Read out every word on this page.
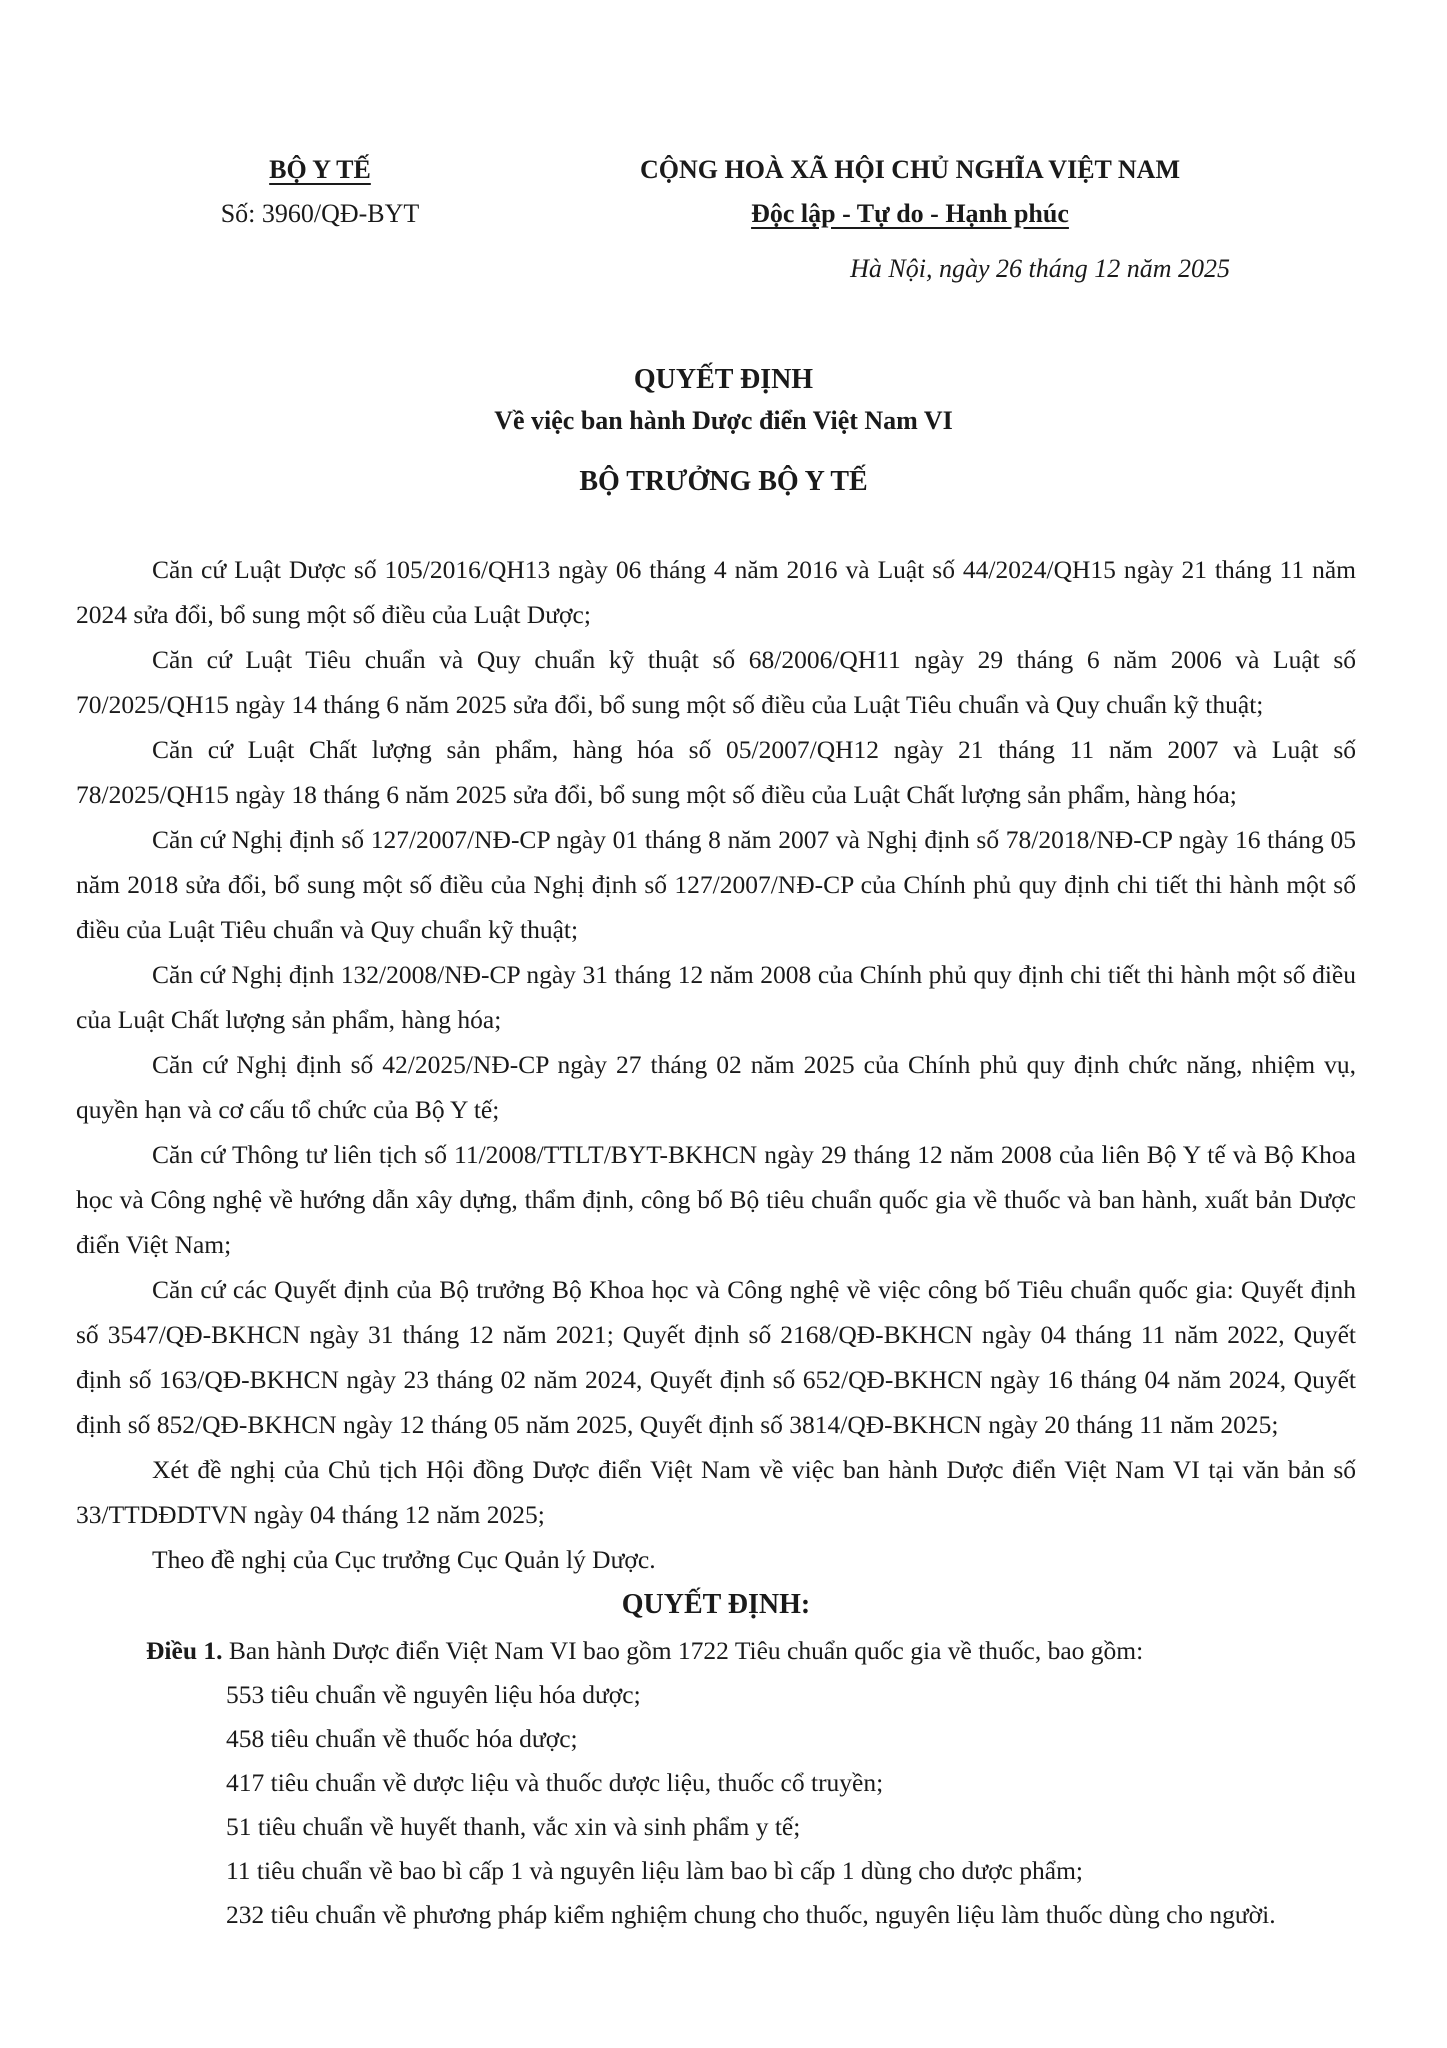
BỘ Y TẾ
Số: 3960/QĐ-BYT
CỘNG HOÀ XÃ HỘI CHỦ NGHĨA VIỆT NAM
Độc lập - Tự do - Hạnh phúc
Hà Nội, ngày 26 tháng 12 năm 2025
QUYẾT ĐỊNH
Về việc ban hành Dược điển Việt Nam VI
BỘ TRƯỞNG BỘ Y TẾ

Căn cứ Luật Dược số 105/2016/QH13 ngày 06 tháng 4 năm 2016 và Luật số 44/2024/QH15 ngày 21 tháng 11 năm 2024 sửa đổi, bổ sung một số điều của Luật Dược;

Căn cứ Luật Tiêu chuẩn và Quy chuẩn kỹ thuật số 68/2006/QH11 ngày 29 tháng 6 năm 2006 và Luật số 70/2025/QH15 ngày 14 tháng 6 năm 2025 sửa đổi, bổ sung một số điều của Luật Tiêu chuẩn và Quy chuẩn kỹ thuật;

Căn cứ Luật Chất lượng sản phẩm, hàng hóa số 05/2007/QH12 ngày 21 tháng 11 năm 2007 và Luật số 78/2025/QH15 ngày 18 tháng 6 năm 2025 sửa đổi, bổ sung một số điều của Luật Chất lượng sản phẩm, hàng hóa;

Căn cứ Nghị định số 127/2007/NĐ-CP ngày 01 tháng 8 năm 2007 và Nghị định số 78/2018/NĐ-CP ngày 16 tháng 05 năm 2018 sửa đổi, bổ sung một số điều của Nghị định số 127/2007/NĐ-CP của Chính phủ quy định chi tiết thi hành một số điều của Luật Tiêu chuẩn và Quy chuẩn kỹ thuật;

Căn cứ Nghị định 132/2008/NĐ-CP ngày 31 tháng 12 năm 2008 của Chính phủ quy định chi tiết thi hành một số điều của Luật Chất lượng sản phẩm, hàng hóa;

Căn cứ Nghị định số 42/2025/NĐ-CP ngày 27 tháng 02 năm 2025 của Chính phủ quy định chức năng, nhiệm vụ, quyền hạn và cơ cấu tổ chức của Bộ Y tế;

Căn cứ Thông tư liên tịch số 11/2008/TTLT/BYT-BKHCN ngày 29 tháng 12 năm 2008 của liên Bộ Y tế và Bộ Khoa học và Công nghệ về hướng dẫn xây dựng, thẩm định, công bố Bộ tiêu chuẩn quốc gia về thuốc và ban hành, xuất bản Dược điển Việt Nam;

Căn cứ các Quyết định của Bộ trưởng Bộ Khoa học và Công nghệ về việc công bố Tiêu chuẩn quốc gia: Quyết định số 3547/QĐ-BKHCN ngày 31 tháng 12 năm 2021; Quyết định số 2168/QĐ-BKHCN ngày 04 tháng 11 năm 2022, Quyết định số 163/QĐ-BKHCN ngày 23 tháng 02 năm 2024, Quyết định số 652/QĐ-BKHCN ngày 16 tháng 04 năm 2024, Quyết định số 852/QĐ-BKHCN ngày 12 tháng 05 năm 2025, Quyết định số 3814/QĐ-BKHCN ngày 20 tháng 11 năm 2025;

Xét đề nghị của Chủ tịch Hội đồng Dược điển Việt Nam về việc ban hành Dược điển Việt Nam VI tại văn bản số 33/TTDĐDTVN ngày 04 tháng 12 năm 2025;

Theo đề nghị của Cục trưởng Cục Quản lý Dược.

QUYẾT ĐỊNH:

Điều 1. Ban hành Dược điển Việt Nam VI bao gồm 1722 Tiêu chuẩn quốc gia về thuốc, bao gồm:

553 tiêu chuẩn về nguyên liệu hóa dược;

458 tiêu chuẩn về thuốc hóa dược;

417 tiêu chuẩn về dược liệu và thuốc dược liệu, thuốc cổ truyền;

51 tiêu chuẩn về huyết thanh, vắc xin và sinh phẩm y tế;

11 tiêu chuẩn về bao bì cấp 1 và nguyên liệu làm bao bì cấp 1 dùng cho dược phẩm;

232 tiêu chuẩn về phương pháp kiểm nghiệm chung cho thuốc, nguyên liệu làm thuốc dùng cho người.
